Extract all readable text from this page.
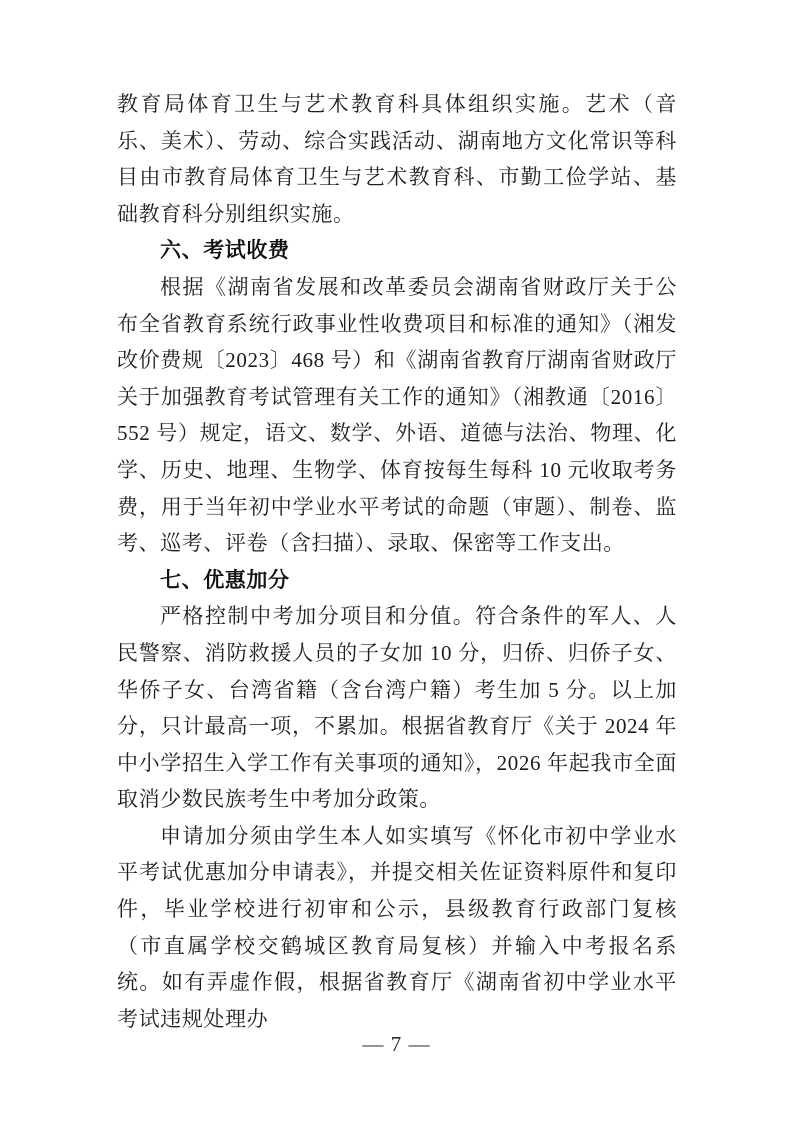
教育局体育卫生与艺术教育科具体组织实施。艺术（音乐、美术）、劳动、综合实践活动、湖南地方文化常识等科目由市教育局体育卫生与艺术教育科、市勤工俭学站、基础教育科分别组织实施。

六、考试收费

根据《湖南省发展和改革委员会湖南省财政厅关于公布全省教育系统行政事业性收费项目和标准的通知》（湘发改价费规〔2023〕468 号）和《湖南省教育厅湖南省财政厅关于加强教育考试管理有关工作的通知》（湘教通〔2016〕552 号）规定，语文、数学、外语、道德与法治、物理、化学、历史、地理、生物学、体育按每生每科 10 元收取考务费，用于当年初中学业水平考试的命题（审题）、制卷、监考、巡考、评卷（含扫描）、录取、保密等工作支出。

七、优惠加分

严格控制中考加分项目和分值。符合条件的军人、人民警察、消防救援人员的子女加 10 分，归侨、归侨子女、华侨子女、台湾省籍（含台湾户籍）考生加 5 分。以上加分，只计最高一项，不累加。根据省教育厅《关于 2024 年中小学招生入学工作有关事项的通知》，2026 年起我市全面取消少数民族考生中考加分政策。

申请加分须由学生本人如实填写《怀化市初中学业水平考试优惠加分申请表》，并提交相关佐证资料原件和复印件，毕业学校进行初审和公示，县级教育行政部门复核（市直属学校交鹤城区教育局复核）并输入中考报名系统。如有弄虚作假，根据省教育厅《湖南省初中学业水平考试违规处理办

— 7 —
